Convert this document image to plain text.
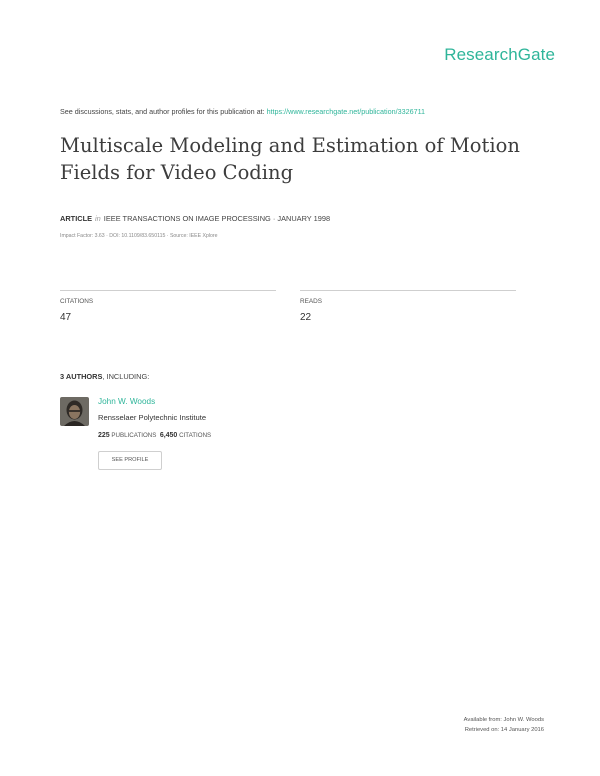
ResearchGate
See discussions, stats, and author profiles for this publication at: https://www.researchgate.net/publication/3326711
Multiscale Modeling and Estimation of Motion
Fields for Video Coding
ARTICLE in IEEE TRANSACTIONS ON IMAGE PROCESSING · JANUARY 1998
Impact Factor: 3.63 · DOI: 10.1109/83.650115 · Source: IEEE Xplore
CITATIONS
47
READS
22
3 AUTHORS, INCLUDING:
John W. Woods
Rensselaer Polytechnic Institute
225 PUBLICATIONS 6,450 CITATIONS
SEE PROFILE
Available from: John W. Woods
Retrieved on: 14 January 2016
